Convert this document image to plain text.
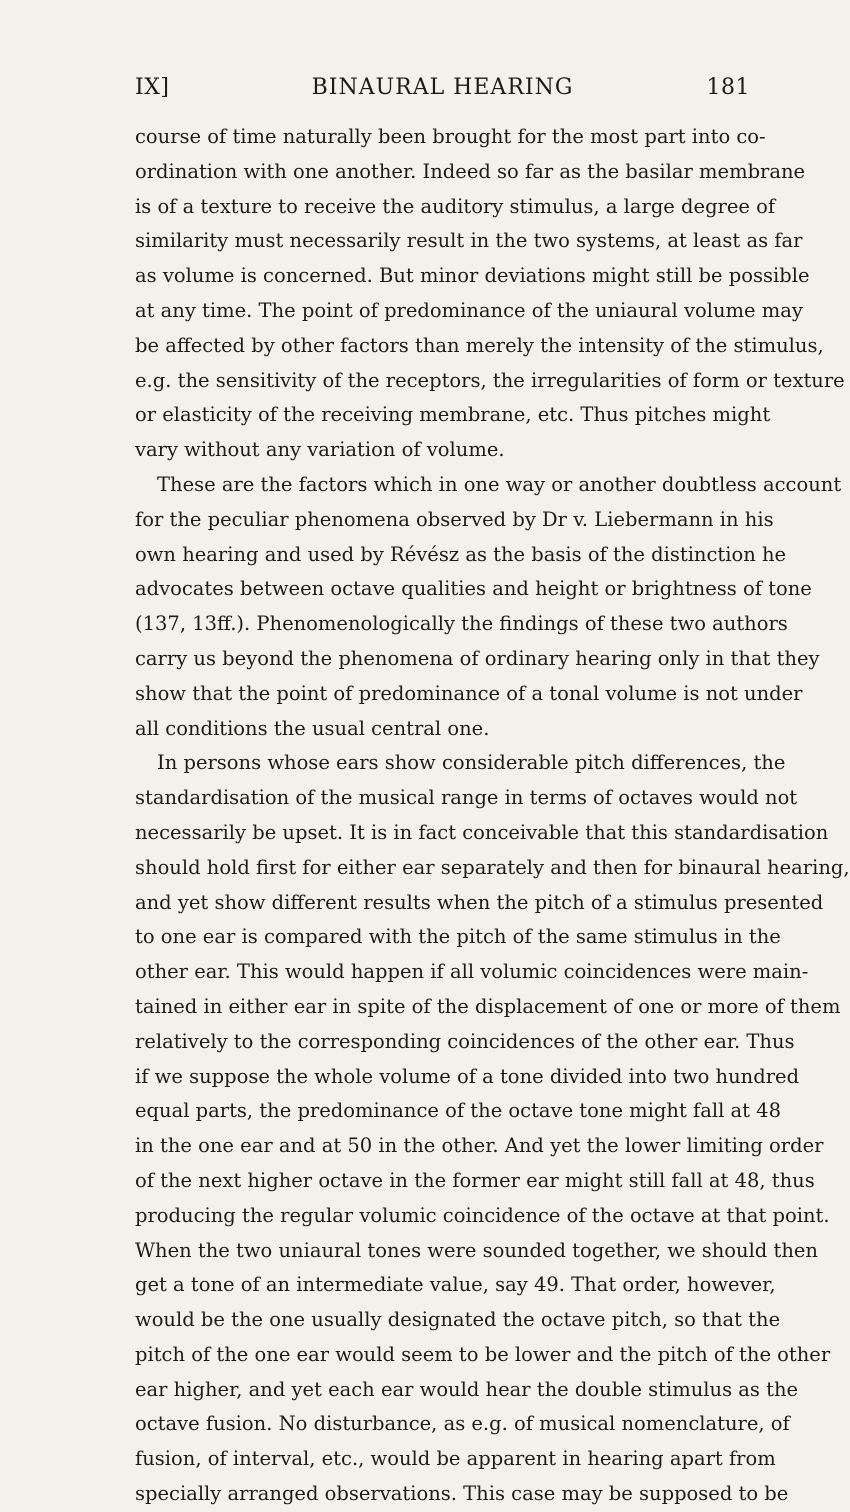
IX]	BINAURAL HEARING	181
course of time naturally been brought for the most part into co-
ordination with one another. Indeed so far as the basilar membrane
is of a texture to receive the auditory stimulus, a large degree of
similarity must necessarily result in the two systems, at least as far
as volume is concerned. But minor deviations might still be possible
at any time. The point of predominance of the uniaural volume may
be affected by other factors than merely the intensity of the stimulus,
e.g. the sensitivity of the receptors, the irregularities of form or texture
or elasticity of the receiving membrane, etc. Thus pitches might
vary without any variation of volume.
These are the factors which in one way or another doubtless account
for the peculiar phenomena observed by Dr v. Liebermann in his
own hearing and used by Révész as the basis of the distinction he
advocates between octave qualities and height or brightness of tone
(137, 13ff.). Phenomenologically the findings of these two authors
carry us beyond the phenomena of ordinary hearing only in that they
show that the point of predominance of a tonal volume is not under
all conditions the usual central one.
In persons whose ears show considerable pitch differences, the
standardisation of the musical range in terms of octaves would not
necessarily be upset. It is in fact conceivable that this standardisation
should hold first for either ear separately and then for binaural hearing,
and yet show different results when the pitch of a stimulus presented
to one ear is compared with the pitch of the same stimulus in the
other ear. This would happen if all volumic coincidences were main-
tained in either ear in spite of the displacement of one or more of them
relatively to the corresponding coincidences of the other ear. Thus
if we suppose the whole volume of a tone divided into two hundred
equal parts, the predominance of the octave tone might fall at 48
in the one ear and at 50 in the other. And yet the lower limiting order
of the next higher octave in the former ear might still fall at 48, thus
producing the regular volumic coincidence of the octave at that point.
When the two uniaural tones were sounded together, we should then
get a tone of an intermediate value, say 49. That order, however,
would be the one usually designated the octave pitch, so that the
pitch of the one ear would seem to be lower and the pitch of the other
ear higher, and yet each ear would hear the double stimulus as the
octave fusion. No disturbance, as e.g. of musical nomenclature, of
fusion, of interval, etc., would be apparent in hearing apart from
specially arranged observations. This case may be supposed to be
